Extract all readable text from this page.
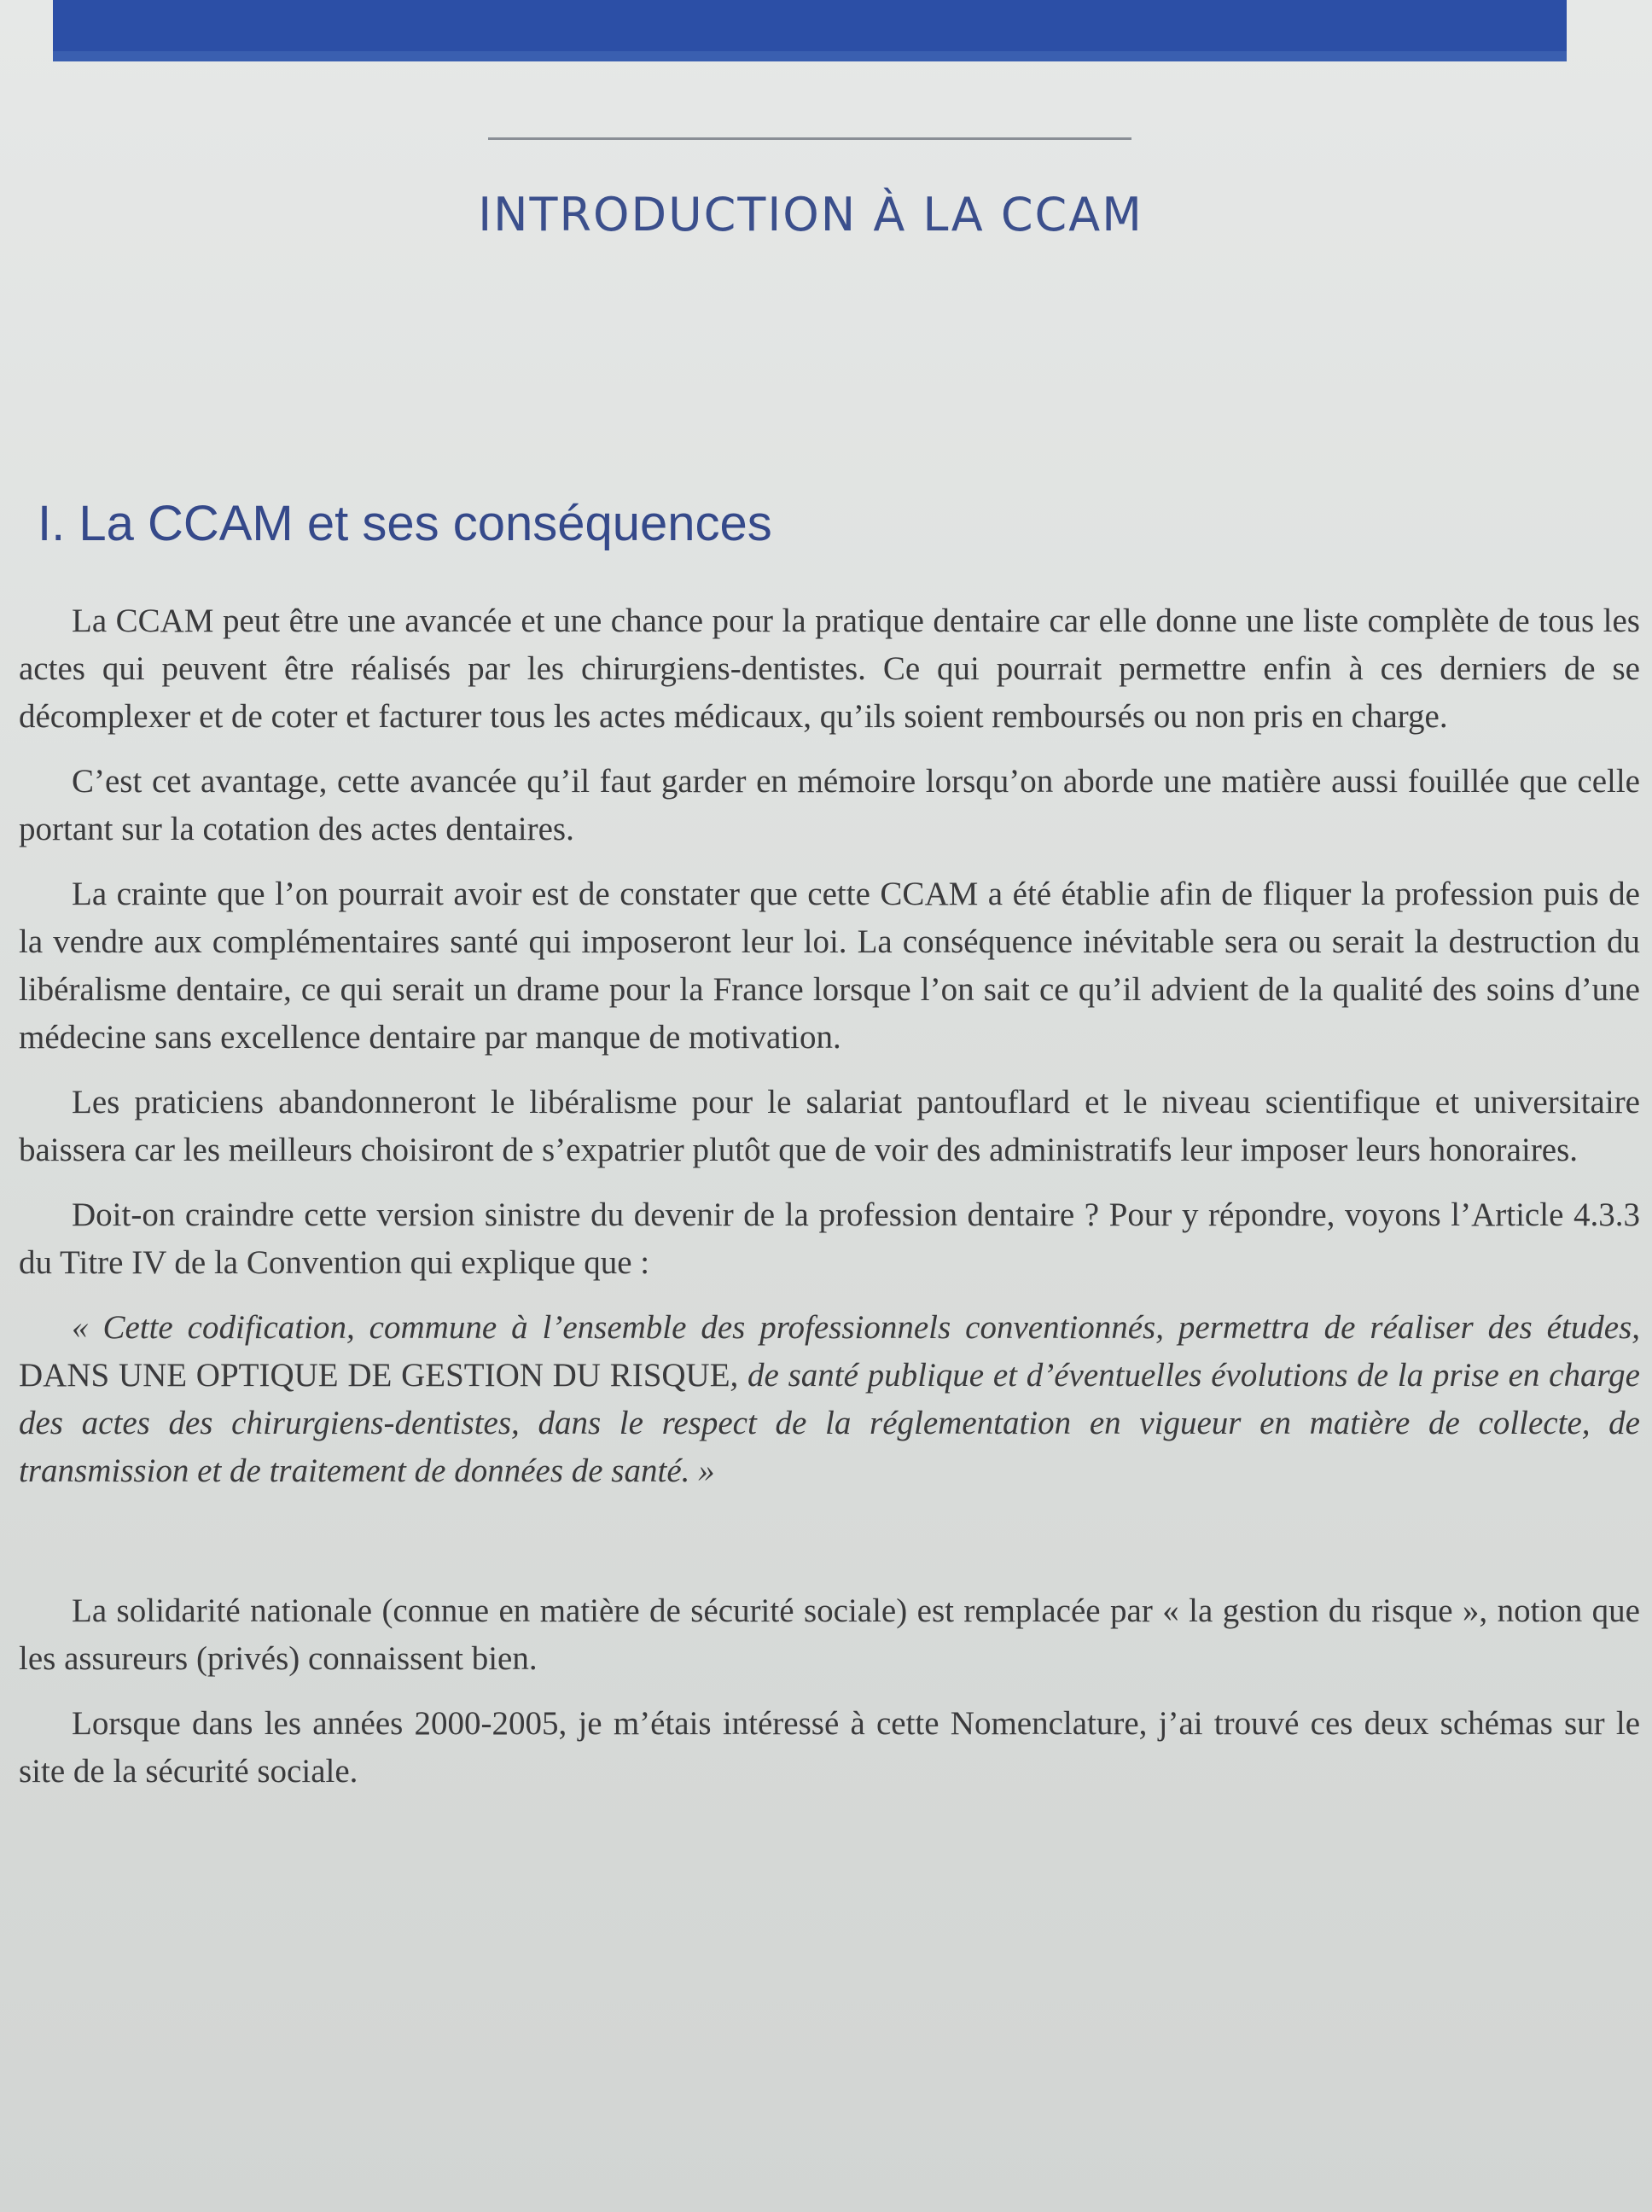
INTRODUCTION À LA CCAM
I. La CCAM et ses conséquences

La CCAM peut être une avancée et une chance pour la pratique dentaire car elle donne une liste complète de tous les actes qui peuvent être réalisés par les chirurgiens-dentistes. Ce qui pourrait permettre enfin à ces derniers de se décomplexer et de coter et facturer tous les actes médicaux, qu’ils soient remboursés ou non pris en charge.

C’est cet avantage, cette avancée qu’il faut garder en mémoire lorsqu’on aborde une matière aussi fouillée que celle portant sur la cotation des actes dentaires.

La crainte que l’on pourrait avoir est de constater que cette CCAM a été établie afin de fliquer la profession puis de la vendre aux complémentaires santé qui imposeront leur loi. La conséquence inévitable sera ou serait la destruction du libéralisme dentaire, ce qui serait un drame pour la France lorsque l’on sait ce qu’il advient de la qualité des soins d’une médecine sans excellence dentaire par manque de motivation.

Les praticiens abandonneront le libéralisme pour le salariat pantouflard et le niveau scientifique et universitaire baissera car les meilleurs choisiront de s’expatrier plutôt que de voir des administratifs leur imposer leurs honoraires.

Doit-on craindre cette version sinistre du devenir de la profession dentaire ? Pour y répondre, voyons l’Article 4.3.3 du Titre IV de la Convention qui explique que :

« Cette codification, commune à l’ensemble des professionnels conventionnés, permettra de réaliser des études, DANS UNE OPTIQUE DE GESTION DU RISQUE, de santé publique et d’éventuelles évolutions de la prise en charge des actes des chirurgiens-dentistes, dans le respect de la réglementation en vigueur en matière de collecte, de transmission et de traitement de données de santé. »

La solidarité nationale (connue en matière de sécurité sociale) est remplacée par « la gestion du risque », notion que les assureurs (privés) connaissent bien.

Lorsque dans les années 2000-2005, je m’étais intéressé à cette Nomenclature, j’ai trouvé ces deux schémas sur le site de la sécurité sociale.
